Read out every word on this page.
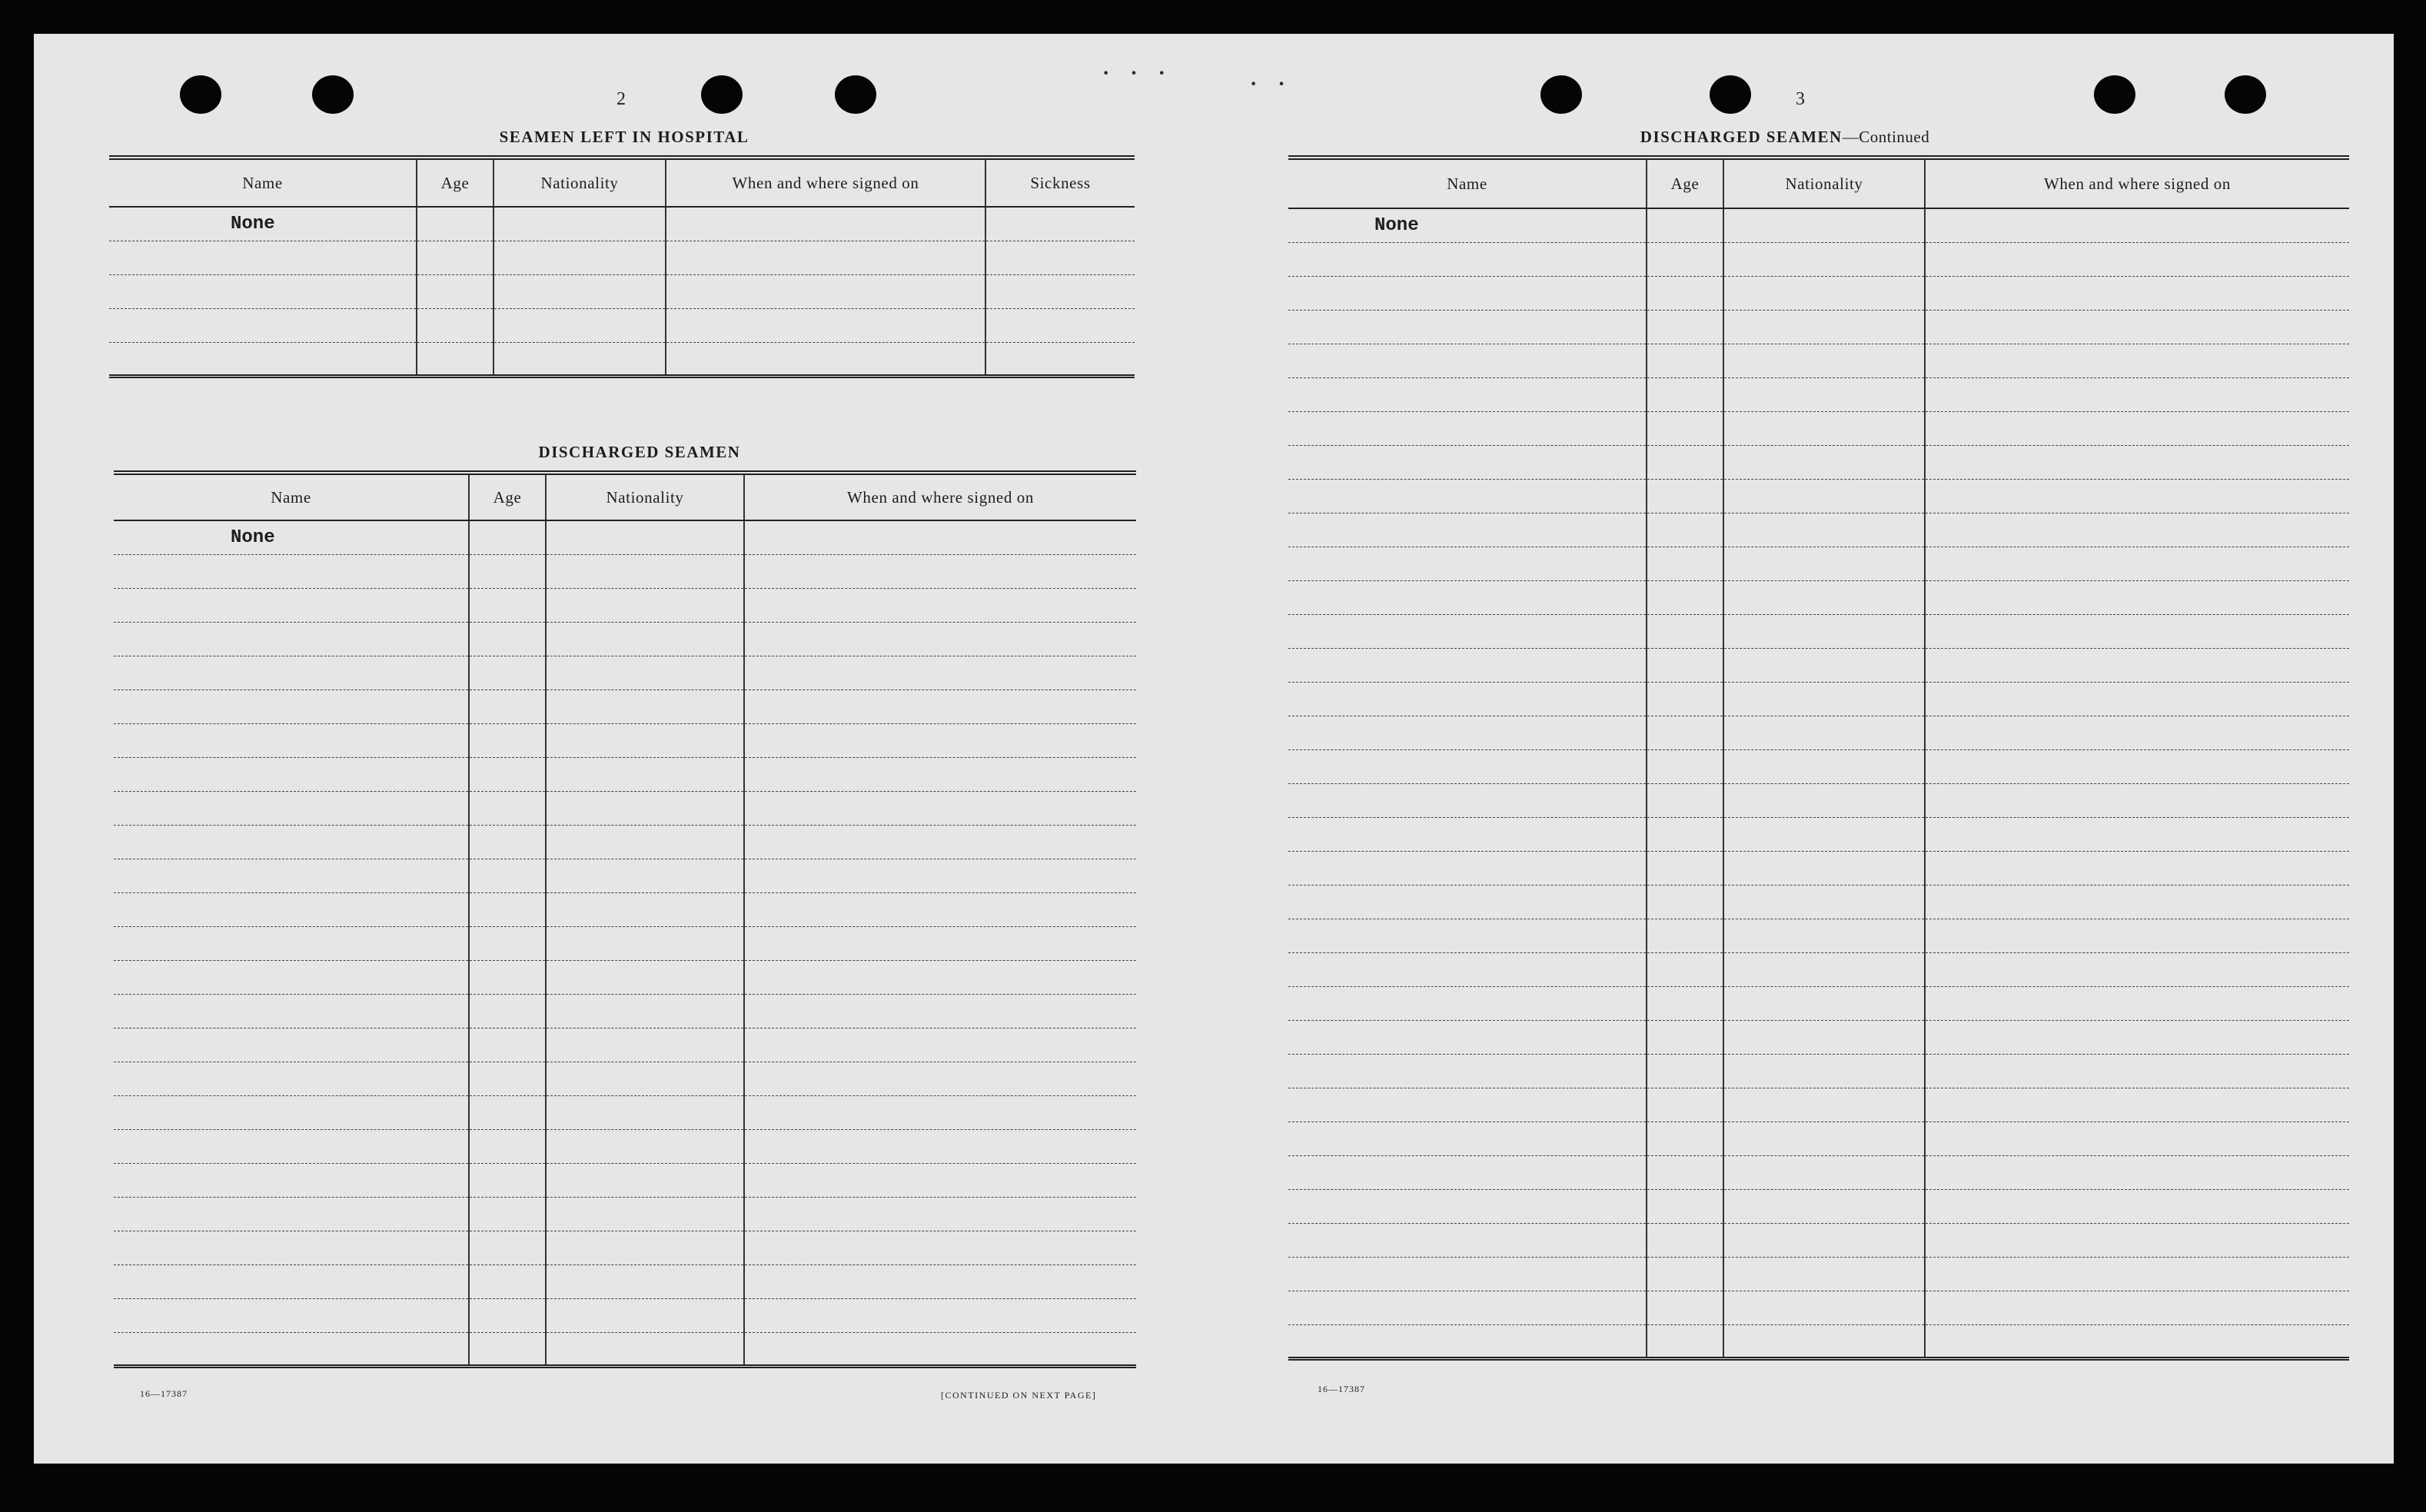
· · ·	· ·
2
SEAMEN LEFT IN HOSPITAL
Name	Age	Nationality	When and where signed on	Sickness
None				

DISCHARGED SEAMEN
Name	Age	Nationality	When and where signed on
None			

16—17387	[CONTINUED ON NEXT PAGE]
3
DISCHARGED SEAMEN—Continued
Name	Age	Nationality	When and where signed on
None			

16—17387
